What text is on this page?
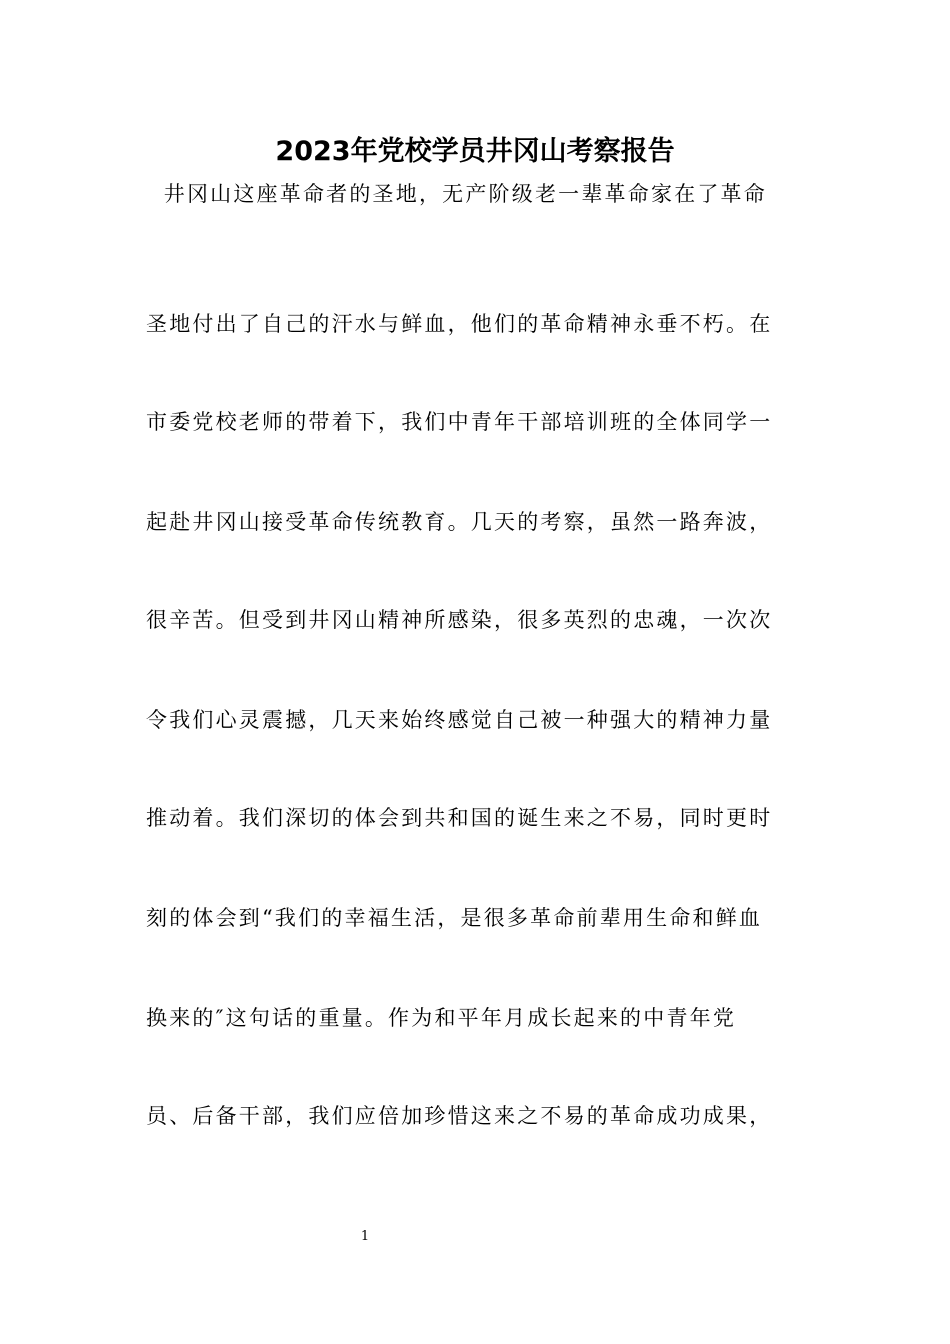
2023年党校学员井冈山考察报告

井冈山这座革命者的圣地，无产阶级老一辈革命家在了革命

圣地付出了自己的汗水与鲜血，他们的革命精神永垂不朽。在

市委党校老师的带着下，我们中青年干部培训班的全体同学一

起赴井冈山接受革命传统教育。几天的考察，虽然一路奔波，

很辛苦。但受到井冈山精神所感染，很多英烈的忠魂，一次次

令我们心灵震撼，几天来始终感觉自己被一种强大的精神力量

推动着。我们深切的体会到共和国的诞生来之不易，同时更时

刻的体会到“我们的幸福生活，是很多革命前辈用生命和鲜血

换来的″这句话的重量。作为和平年月成长起来的中青年党

员、后备干部，我们应倍加珍惜这来之不易的革命成功成果，

1
